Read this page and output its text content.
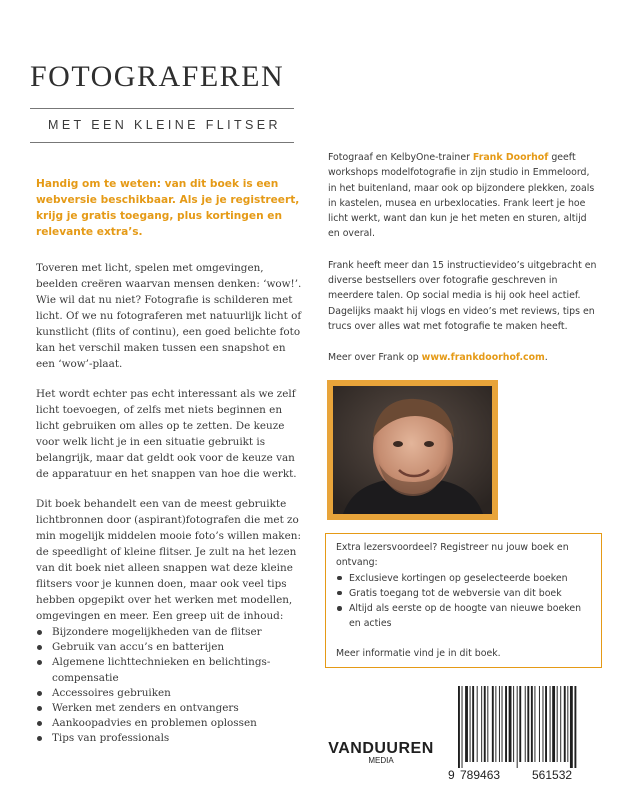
FOTOGRAFEREN
MET EEN KLEINE FLITSER

Handig om te weten: van dit boek is een webversie beschikbaar. Als je je registreert, krijg je gratis toegang, plus kortingen en relevante extra’s.

Toveren met licht, spelen met omgevingen, beelden creëren waarvan mensen denken: ‘wow!’. Wie wil dat nu niet? Fotografie is schilderen met licht. Of we nu fotograferen met natuurlijk licht of kunstlicht (flits of continu), een goed belichte foto kan het verschil maken tussen een snapshot en een ‘wow’-plaat.

Het wordt echter pas echt interessant als we zelf licht toevoegen, of zelfs met niets beginnen en licht gebruiken om alles op te zetten. De keuze voor welk licht je in een situatie gebruikt is belangrijk, maar dat geldt ook voor de keuze van de apparatuur en het snappen van hoe die werkt.

Dit boek behandelt een van de meest gebruikte lichtbronnen door (aspirant)fotografen die met zo min mogelijk middelen mooie foto’s willen maken: de speedlight of kleine flitser. Je zult na het lezen van dit boek niet alleen snappen wat deze kleine flitsers voor je kunnen doen, maar ook veel tips hebben opgepikt over het werken met modellen, omgevingen en meer. Een greep uit de inhoud:

Bijzondere mogelijkheden van de flitser
Gebruik van accu’s en batterijen
Algemene lichttechnieken en belichtings-compensatie
Accessoires gebruiken
Werken met zenders en ontvangers
Aankoopadvies en problemen oplossen
Tips van professionals

Fotograaf en KelbyOne-trainer Frank Doorhof geeft workshops modelfotografie in zijn studio in Emmeloord, in het buitenland, maar ook op bijzondere plekken, zoals in kastelen, musea en urbexlocaties. Frank leert je hoe licht werkt, want dan kun je het meten en sturen, altijd en overal.

Frank heeft meer dan 15 instructievideo’s uitgebracht en diverse bestsellers over fotografie geschreven in meerdere talen. Op social media is hij ook heel actief. Dagelijks maakt hij vlogs en video’s met reviews, tips en trucs over alles wat met fotografie te maken heeft.

Meer over Frank op www.frankdoorhof.com.

Extra lezersvoordeel? Registreer nu jouw boek en ontvang:

Exclusieve kortingen op geselecteerde boeken
Gratis toegang tot de webversie van dit boek
Altijd als eerste op de hoogte van nieuwe boeken en acties

Meer informatie vind je in dit boek.

VANDUUREN
MEDIA
9 789463	561532
